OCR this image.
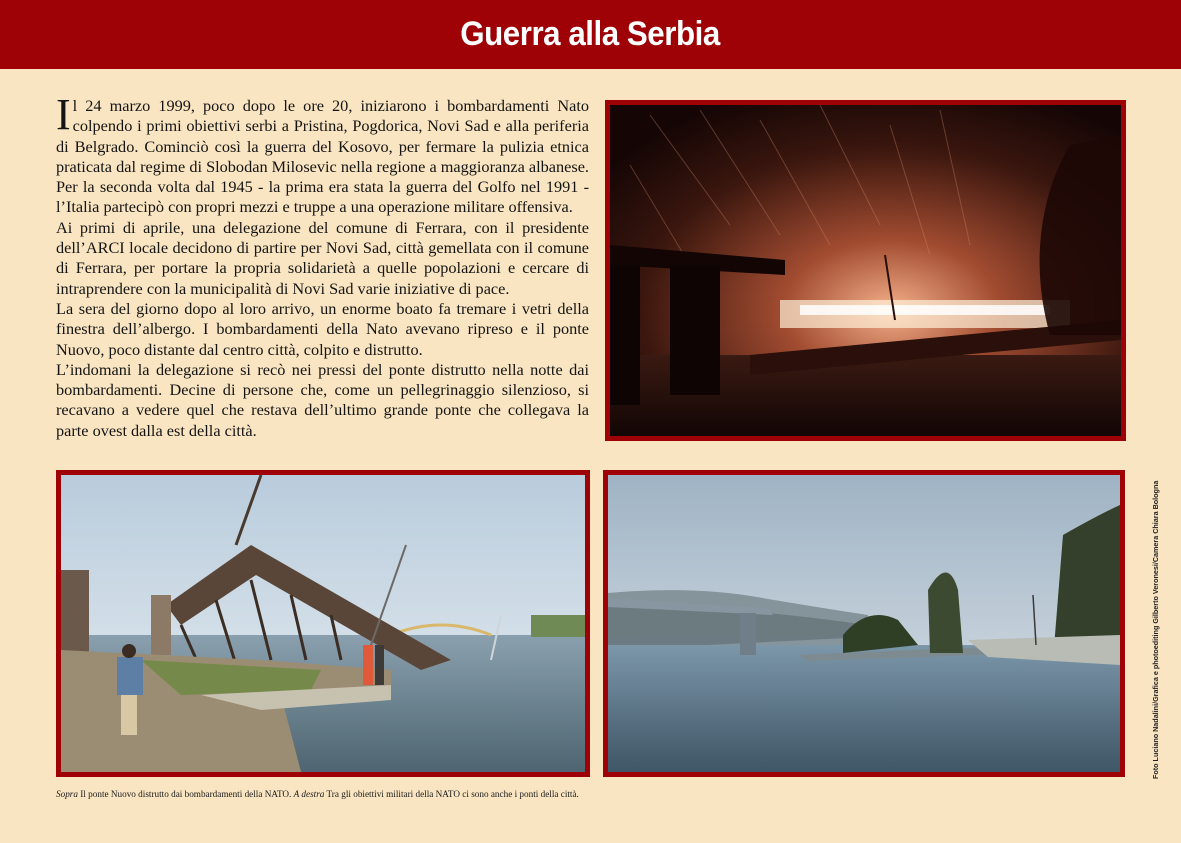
Guerra alla Serbia

Il 24 marzo 1999, poco dopo le ore 20, iniziarono i bombardamenti Nato colpendo i primi obiettivi serbi a Pristina, Pogdorica, Novi Sad e alla periferia di Belgrado. Cominciò così la guerra del Kosovo, per fermare la pulizia etnica praticata dal regime di Slobodan Milosevic nella regione a maggioranza albanese.

Per la seconda volta dal 1945 - la prima era stata la guerra del Golfo nel 1991 - l’Italia partecipò con propri mezzi e truppe a una operazione militare offensiva.

Ai primi di aprile, una delegazione del comune di Ferrara, con il presidente dell’ARCI locale decidono di partire per Novi Sad, città gemellata con il comune di Ferrara, per portare la propria solidarietà a quelle popolazioni e cercare di intraprendere con la municipalità di Novi Sad varie iniziative di pace.

La sera del giorno dopo al loro arrivo, un enorme boato fa tremare i vetri della finestra dell’albergo. I bombardamenti della Nato avevano ripreso e il ponte Nuovo, poco distante dal centro città, colpito e distrutto.

L’indomani la delegazione si recò nei pressi del ponte distrutto nella notte dai bombardamenti. Decine di persone che, come un pellegrinaggio silenzioso, si recavano a vedere quel che restava dell’ultimo grande ponte che collegava la parte ovest dalla est della città.

Sopra Il ponte Nuovo distrutto dai bombardamenti della NATO. A destra Tra gli obiettivi militari della NATO ci sono anche i ponti della città.
Foto Luciano Nadalini/Grafica e photoediting Gilberto Veronesi/Camera Chiara Bologna
